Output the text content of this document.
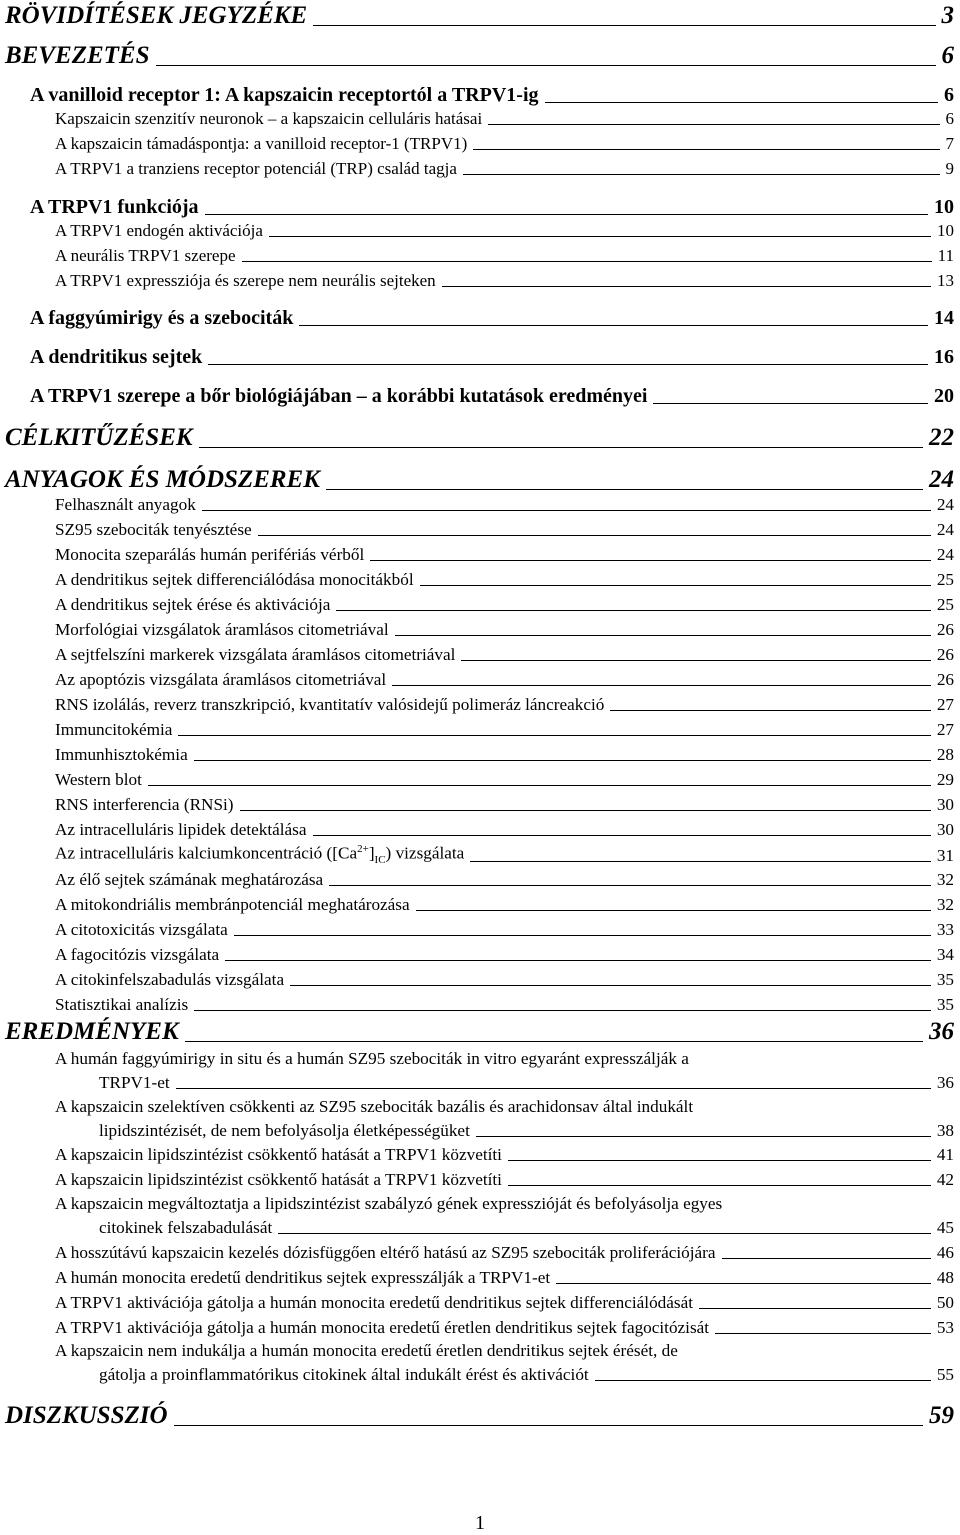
RÖVIDÍTÉSEK JEGYZÉKE	3
BEVEZETÉS	6
A vanilloid receptor 1: A kapszaicin receptortól a TRPV1-ig	6
Kapszaicin szenzitív neuronok – a kapszaicin celluláris hatásai	6
A kapszaicin támadáspontja: a vanilloid receptor-1 (TRPV1)	7
A TRPV1 a tranziens receptor potenciál (TRP) család tagja	9
A TRPV1 funkciója	10
A TRPV1 endogén aktivációja	10
A neurális TRPV1 szerepe	11
A TRPV1 expressziója és szerepe nem neurális sejteken	13
A faggyúmirigy és a szebociták	14
A dendritikus sejtek	16
A TRPV1 szerepe a bőr biológiájában – a korábbi kutatások eredményei	20
CÉLKITŰZÉSEK	22
ANYAGOK ÉS MÓDSZEREK	24
Felhasznált anyagok	24
SZ95 szebociták tenyésztése	24
Monocita szeparálás humán perifériás vérből	24
A dendritikus sejtek differenciálódása monocitákból	25
A dendritikus sejtek érése és aktivációja	25
Morfológiai vizsgálatok áramlásos citometriával	26
A sejtfelszíni markerek vizsgálata áramlásos citometriával	26
Az apoptózis vizsgálata áramlásos citometriával	26
RNS izolálás, reverz transzkripció, kvantitatív valósidejű polimeráz láncreakció	27
Immuncitokémia	27
Immunhisztokémia	28
Western blot	29
RNS interferencia (RNSi)	30
Az intracelluláris lipidek detektálása	30
Az intracelluláris kalciumkoncentráció $([Ca^{2+}]_{IC})$ vizsgálata	31
Az élő sejtek számának meghatározása	32
A mitokondriális membránpotenciál meghatározása	32
A citotoxicitás vizsgálata	33
A fagocitózis vizsgálata	34
A citokinfelszabadulás vizsgálata	35
Statisztikai analízis	35
EREDMÉNYEK	36
A humán faggyúmirigy in situ és a humán SZ95 szebociták in vitro egyaránt expresszálják a
TRPV1-et	36
A kapszaicin szelektíven csökkenti az SZ95 szebociták bazális és arachidonsav által indukált
lipidszintézisét, de nem befolyásolja életképességüket	38
A kapszaicin lipidszintézist csökkentő hatását a TRPV1 közvetíti	41
A kapszaicin lipidszintézist csökkentő hatását a TRPV1 közvetíti	42
A kapszaicin megváltoztatja a lipidszintézist szabályzó gének expresszióját és befolyásolja egyes
citokinek felszabadulását	45
A hosszútávú kapszaicin kezelés dózisfüggően eltérő hatású az SZ95 szebociták proliferációjára	46
A humán monocita eredetű dendritikus sejtek expresszálják a TRPV1-et	48
A TRPV1 aktivációja gátolja a humán monocita eredetű dendritikus sejtek differenciálódását	50
A TRPV1 aktivációja gátolja a humán monocita eredetű éretlen dendritikus sejtek fagocitózisát	53
A kapszaicin nem indukálja a humán monocita eredetű éretlen dendritikus sejtek érését, de
gátolja a proinflammatórikus citokinek által indukált érést és aktivációt	55
DISZKUSSZIÓ	59
1
